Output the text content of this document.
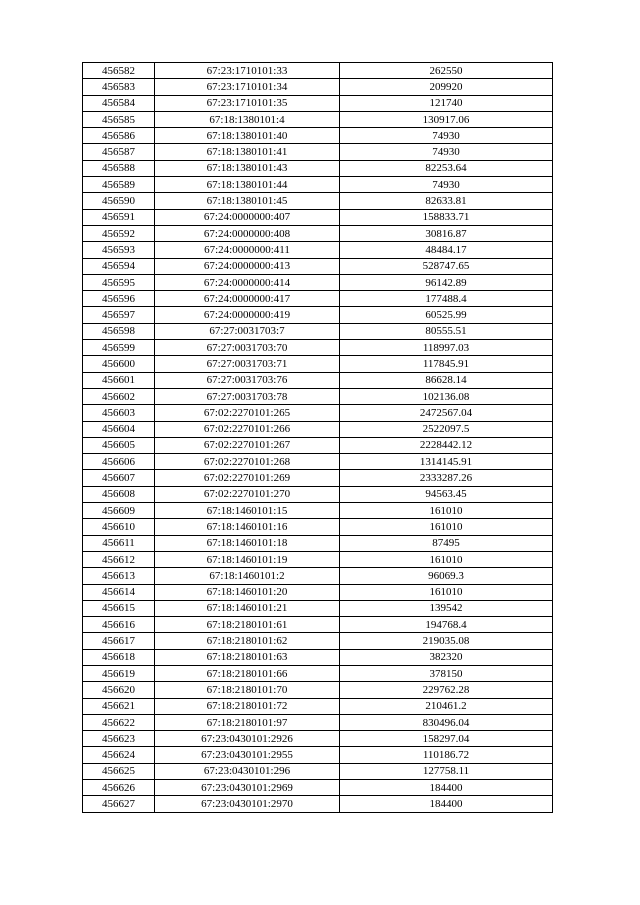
456582	67:23:1710101:33	262550
456583	67:23:1710101:34	209920
456584	67:23:1710101:35	121740
456585	67:18:1380101:4	130917.06
456586	67:18:1380101:40	74930
456587	67:18:1380101:41	74930
456588	67:18:1380101:43	82253.64
456589	67:18:1380101:44	74930
456590	67:18:1380101:45	82633.81
456591	67:24:0000000:407	158833.71
456592	67:24:0000000:408	30816.87
456593	67:24:0000000:411	48484.17
456594	67:24:0000000:413	528747.65
456595	67:24:0000000:414	96142.89
456596	67:24:0000000:417	177488.4
456597	67:24:0000000:419	60525.99
456598	67:27:0031703:7	80555.51
456599	67:27:0031703:70	118997.03
456600	67:27:0031703:71	117845.91
456601	67:27:0031703:76	86628.14
456602	67:27:0031703:78	102136.08
456603	67:02:2270101:265	2472567.04
456604	67:02:2270101:266	2522097.5
456605	67:02:2270101:267	2228442.12
456606	67:02:2270101:268	1314145.91
456607	67:02:2270101:269	2333287.26
456608	67:02:2270101:270	94563.45
456609	67:18:1460101:15	161010
456610	67:18:1460101:16	161010
456611	67:18:1460101:18	87495
456612	67:18:1460101:19	161010
456613	67:18:1460101:2	96069.3
456614	67:18:1460101:20	161010
456615	67:18:1460101:21	139542
456616	67:18:2180101:61	194768.4
456617	67:18:2180101:62	219035.08
456618	67:18:2180101:63	382320
456619	67:18:2180101:66	378150
456620	67:18:2180101:70	229762.28
456621	67:18:2180101:72	210461.2
456622	67:18:2180101:97	830496.04
456623	67:23:0430101:2926	158297.04
456624	67:23:0430101:2955	110186.72
456625	67:23:0430101:296	127758.11
456626	67:23:0430101:2969	184400
456627	67:23:0430101:2970	184400
